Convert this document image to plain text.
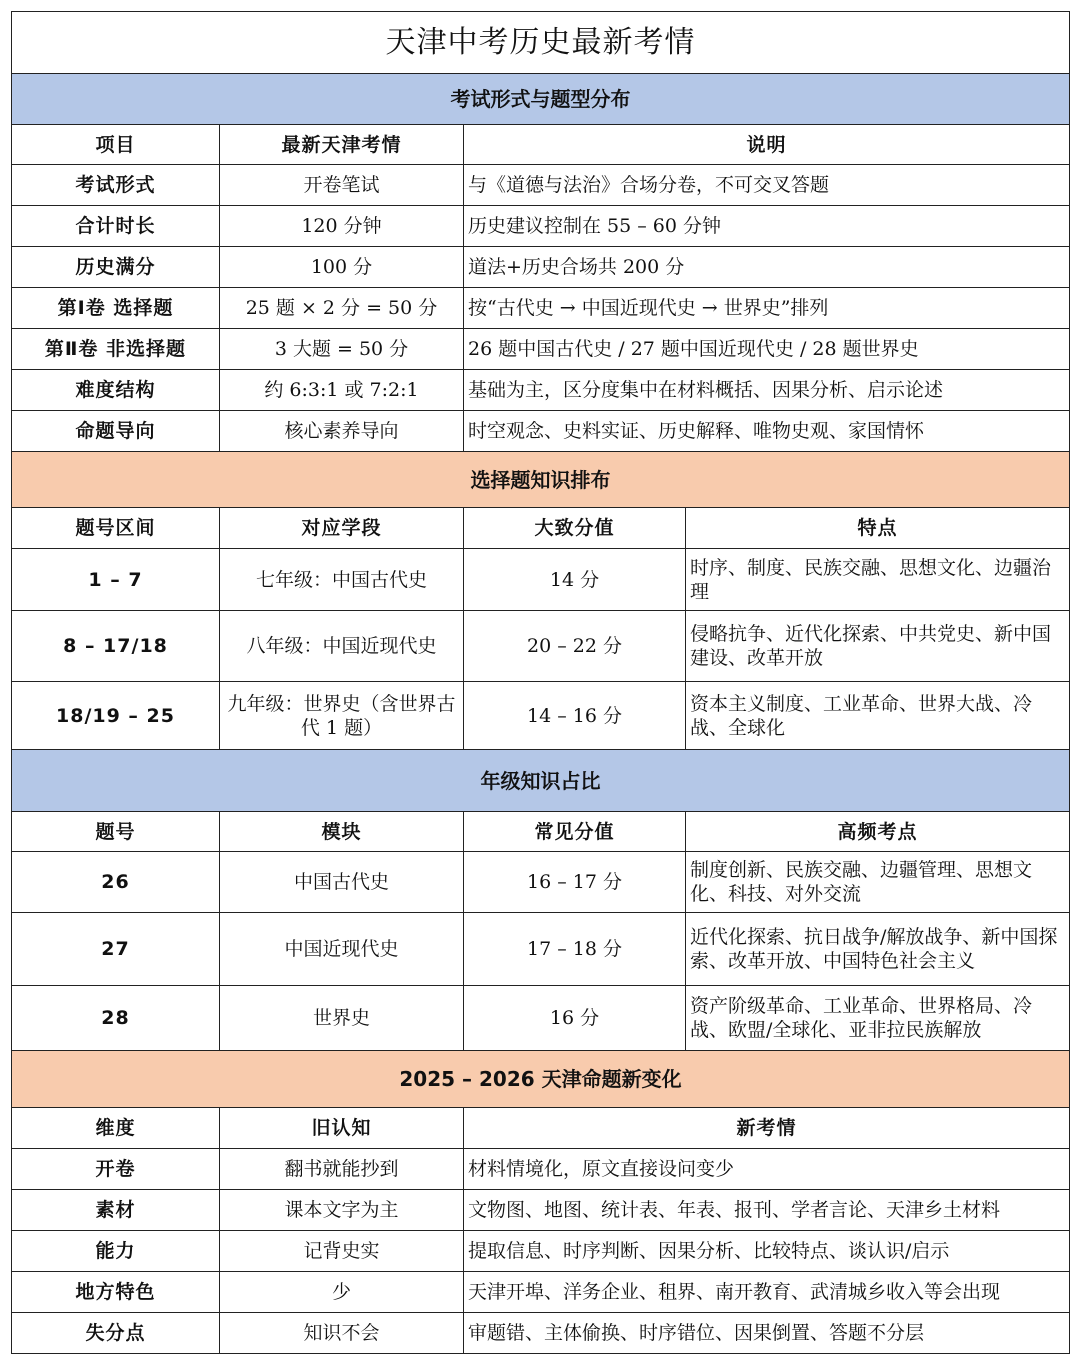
天津中考历史最新考情			
考试形式与题型分布			
项目	最新天津考情	说明	
考试形式	开卷笔试	与《道德与法治》合场分卷，不可交叉答题	
合计时长	120 分钟	历史建议控制在 55 – 60 分钟	
历史满分	100 分	道法+历史合场共 200 分	
第Ⅰ卷 选择题	25 题 × 2 分 = 50 分	按“古代史 → 中国近现代史 → 世界史”排列	
第Ⅱ卷 非选择题	3 大题 = 50 分	26 题中国古代史 / 27 题中国近现代史 / 28 题世界史	
难度结构	约 6:3:1 或 7:2:1	基础为主，区分度集中在材料概括、因果分析、启示论述	
命题导向	核心素养导向	时空观念、史料实证、历史解释、唯物史观、家国情怀	
选择题知识排布			
题号区间	对应学段	大致分值	特点
1 – 7	七年级：中国古代史	14 分	时序、制度、民族交融、思想文化、边疆治理
8 – 17/18	八年级：中国近现代史	20 – 22 分	侵略抗争、近代化探索、中共党史、新中国建设、改革开放
18/19 – 25	九年级：世界史（含世界古代 1 题）	14 – 16 分	资本主义制度、工业革命、世界大战、冷战、全球化
年级知识占比			
题号	模块	常见分值	高频考点
26	中国古代史	16 – 17 分	制度创新、民族交融、边疆管理、思想文化、科技、对外交流
27	中国近现代史	17 – 18 分	近代化探索、抗日战争/解放战争、新中国探索、改革开放、中国特色社会主义
28	世界史	16 分	资产阶级革命、工业革命、世界格局、冷战、欧盟/全球化、亚非拉民族解放
2025 – 2026 天津命题新变化			
维度	旧认知	新考情	
开卷	翻书就能抄到	材料情境化，原文直接设问变少	
素材	课本文字为主	文物图、地图、统计表、年表、报刊、学者言论、天津乡土材料	
能力	记背史实	提取信息、时序判断、因果分析、比较特点、谈认识/启示	
地方特色	少	天津开埠、洋务企业、租界、南开教育、武清城乡收入等会出现	
失分点	知识不会	审题错、主体偷换、时序错位、因果倒置、答题不分层	
